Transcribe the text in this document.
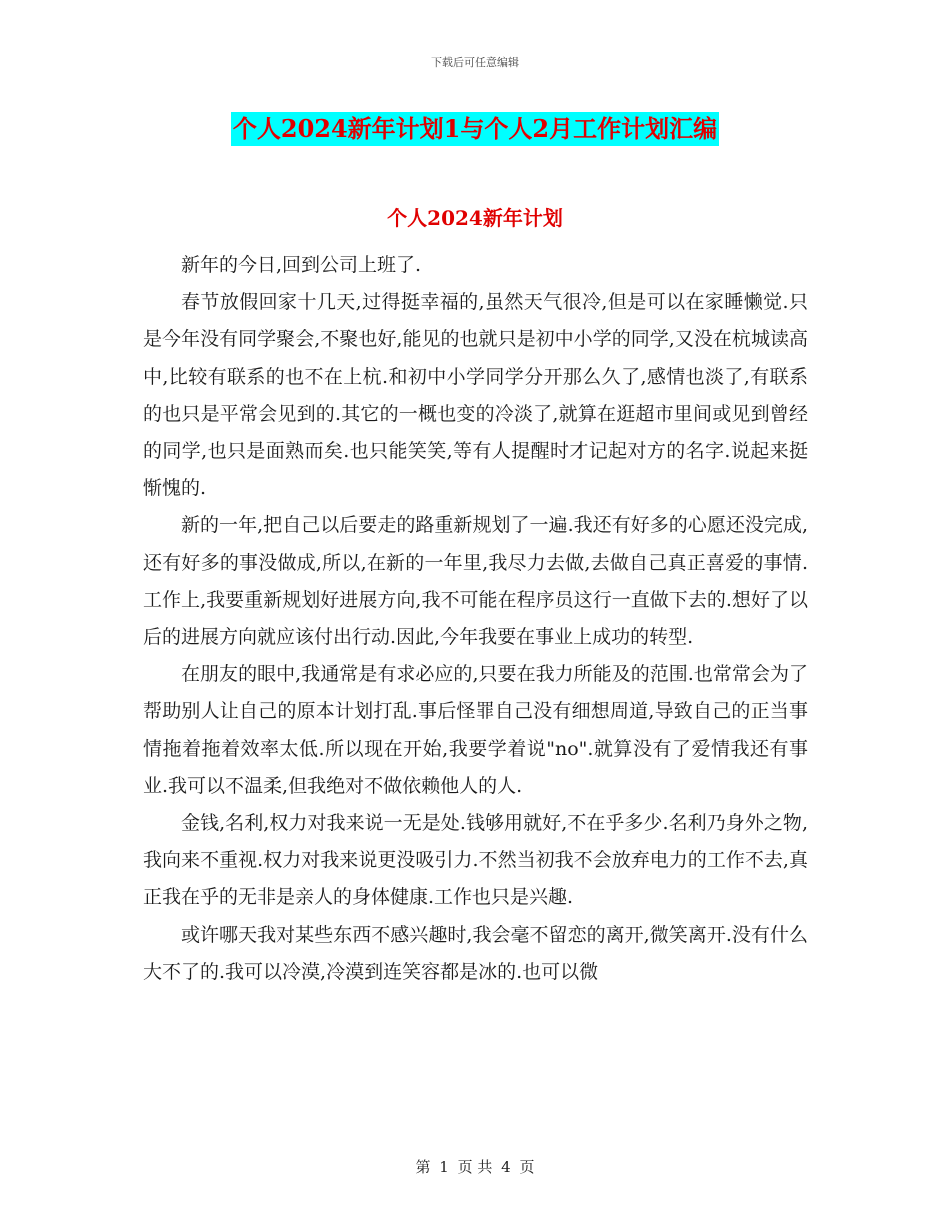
下载后可任意编辑
个人2024新年计划1与个人2月工作计划汇编
个人2024新年计划

新年的今日,回到公司上班了.

春节放假回家十几天,过得挺幸福的,虽然天气很冷,但是可以在家睡懒觉.只是今年没有同学聚会,不聚也好,能见的也就只是初中小学的同学,又没在杭城读高中,比较有联系的也不在上杭.和初中小学同学分开那么久了,感情也淡了,有联系的也只是平常会见到的.其它的一概也变的冷淡了,就算在逛超市里间或见到曾经的同学,也只是面熟而矣.也只能笑笑,等有人提醒时才记起对方的名字.说起来挺惭愧的.

新的一年,把自己以后要走的路重新规划了一遍.我还有好多的心愿还没完成,还有好多的事没做成,所以,在新的一年里,我尽力去做,去做自己真正喜爱的事情.工作上,我要重新规划好进展方向,我不可能在程序员这行一直做下去的.想好了以后的进展方向就应该付出行动.因此,今年我要在事业上成功的转型.

在朋友的眼中,我通常是有求必应的,只要在我力所能及的范围.也常常会为了帮助别人让自己的原本计划打乱.事后怪罪自己没有细想周道,导致自己的正当事情拖着拖着效率太低.所以现在开始,我要学着说"no".就算没有了爱情我还有事业.我可以不温柔,但我绝对不做依赖他人的人.

金钱,名利,权力对我来说一无是处.钱够用就好,不在乎多少.名利乃身外之物,我向来不重视.权力对我来说更没吸引力.不然当初我不会放弃电力的工作不去,真正我在乎的无非是亲人的身体健康.工作也只是兴趣.

或许哪天我对某些东西不感兴趣时,我会毫不留恋的离开,微笑离开.没有什么大不了的.我可以冷漠,冷漠到连笑容都是冰的.也可以微

第 1 页 共 4 页
